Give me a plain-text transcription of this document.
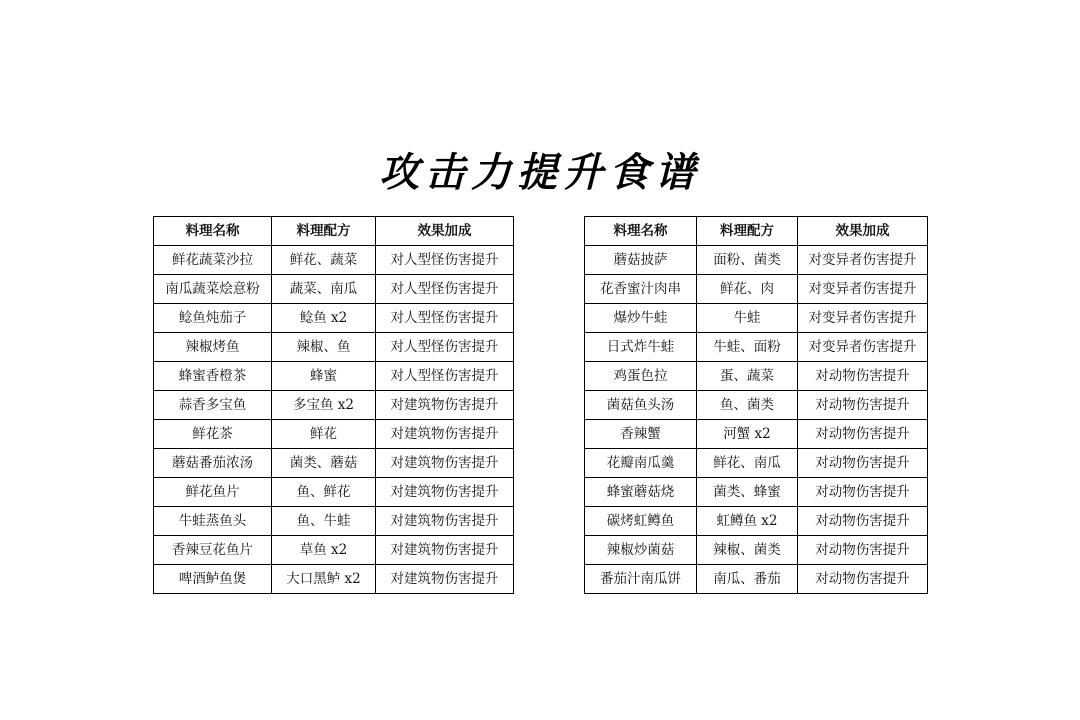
攻击力提升食谱
料理名称	料理配方	效果加成
鲜花蔬菜沙拉	鲜花、蔬菜	对人型怪伤害提升
南瓜蔬菜烩意粉	蔬菜、南瓜	对人型怪伤害提升
鲶鱼炖茄子	鲶鱼 x2	对人型怪伤害提升
辣椒烤鱼	辣椒、鱼	对人型怪伤害提升
蜂蜜香橙茶	蜂蜜	对人型怪伤害提升
蒜香多宝鱼	多宝鱼 x2	对建筑物伤害提升
鲜花茶	鲜花	对建筑物伤害提升
蘑菇番茄浓汤	菌类、蘑菇	对建筑物伤害提升
鲜花鱼片	鱼、鲜花	对建筑物伤害提升
牛蛙蒸鱼头	鱼、牛蛙	对建筑物伤害提升
香辣豆花鱼片	草鱼 x2	对建筑物伤害提升
啤酒鲈鱼煲	大口黑鲈 x2	对建筑物伤害提升
料理名称	料理配方	效果加成
蘑菇披萨	面粉、菌类	对变异者伤害提升
花香蜜汁肉串	鲜花、肉	对变异者伤害提升
爆炒牛蛙	牛蛙	对变异者伤害提升
日式炸牛蛙	牛蛙、面粉	对变异者伤害提升
鸡蛋色拉	蛋、蔬菜	对动物伤害提升
菌菇鱼头汤	鱼、菌类	对动物伤害提升
香辣蟹	河蟹 x2	对动物伤害提升
花瓣南瓜羹	鲜花、南瓜	对动物伤害提升
蜂蜜蘑菇烧	菌类、蜂蜜	对动物伤害提升
碳烤虹鳟鱼	虹鳟鱼 x2	对动物伤害提升
辣椒炒菌菇	辣椒、菌类	对动物伤害提升
番茄汁南瓜饼	南瓜、番茄	对动物伤害提升
